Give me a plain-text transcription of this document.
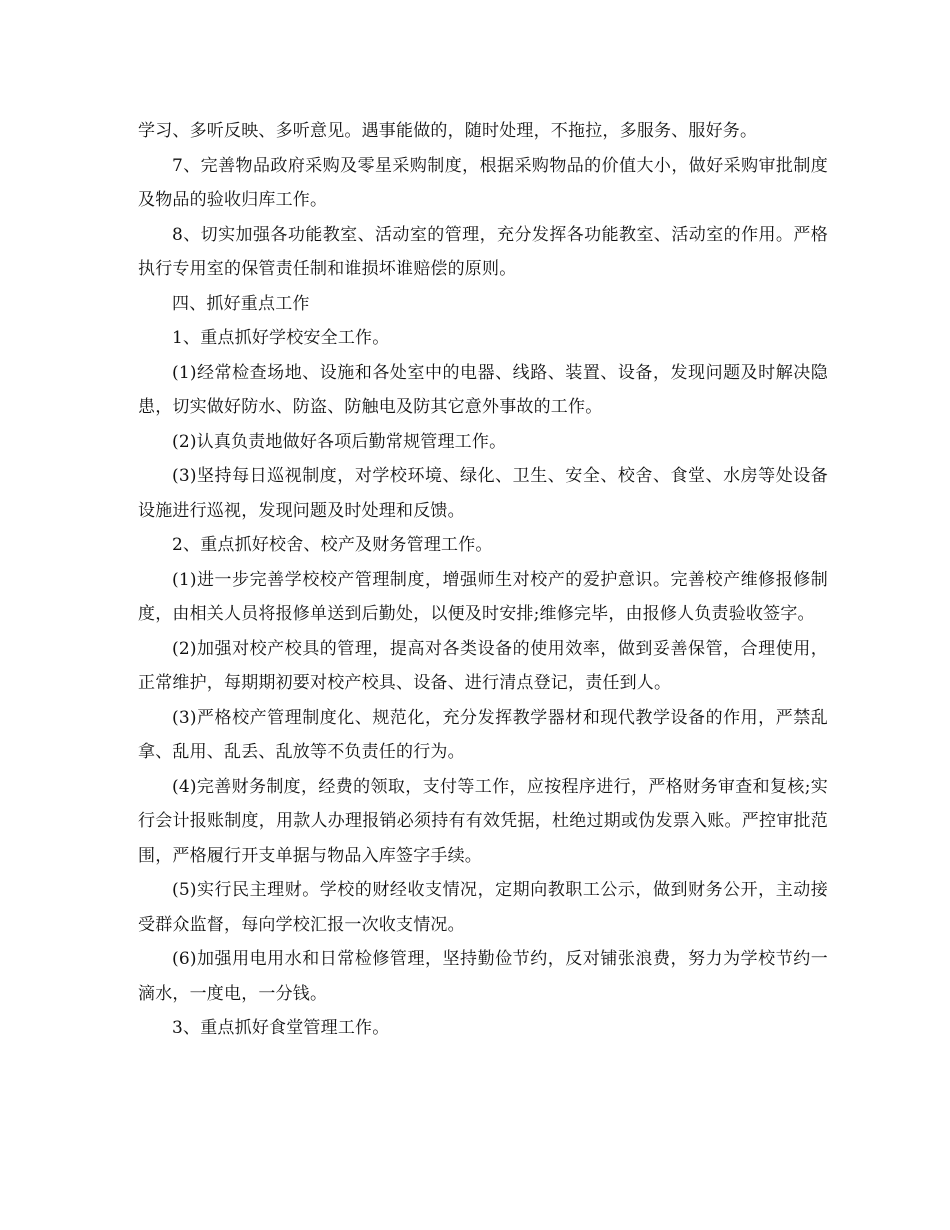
学习、多听反映、多听意见。遇事能做的，随时处理，不拖拉，多服务、服好务。

7、完善物品政府采购及零星采购制度，根据采购物品的价值大小，做好采购审批制度及物品的验收归库工作。

8、切实加强各功能教室、活动室的管理，充分发挥各功能教室、活动室的作用。严格执行专用室的保管责任制和谁损坏谁赔偿的原则。

四、抓好重点工作

1、重点抓好学校安全工作。

(1)经常检查场地、设施和各处室中的电器、线路、装置、设备，发现问题及时解决隐患，切实做好防水、防盗、防触电及防其它意外事故的工作。

(2)认真负责地做好各项后勤常规管理工作。

(3)坚持每日巡视制度，对学校环境、绿化、卫生、安全、校舍、食堂、水房等处设备设施进行巡视，发现问题及时处理和反馈。

2、重点抓好校舍、校产及财务管理工作。

(1)进一步完善学校校产管理制度，增强师生对校产的爱护意识。完善校产维修报修制度，由相关人员将报修单送到后勤处，以便及时安排;维修完毕，由报修人负责验收签字。

(2)加强对校产校具的管理，提高对各类设备的使用效率，做到妥善保管，合理使用，正常维护，每期期初要对校产校具、设备、进行清点登记，责任到人。

(3)严格校产管理制度化、规范化，充分发挥教学器材和现代教学设备的作用，严禁乱拿、乱用、乱丢、乱放等不负责任的行为。

(4)完善财务制度，经费的领取，支付等工作，应按程序进行，严格财务审查和复核;实行会计报账制度，用款人办理报销必须持有有效凭据，杜绝过期或伪发票入账。严控审批范围，严格履行开支单据与物品入库签字手续。

(5)实行民主理财。学校的财经收支情况，定期向教职工公示，做到财务公开，主动接受群众监督，每向学校汇报一次收支情况。

(6)加强用电用水和日常检修管理，坚持勤俭节约，反对铺张浪费，努力为学校节约一滴水，一度电，一分钱。

3、重点抓好食堂管理工作。
